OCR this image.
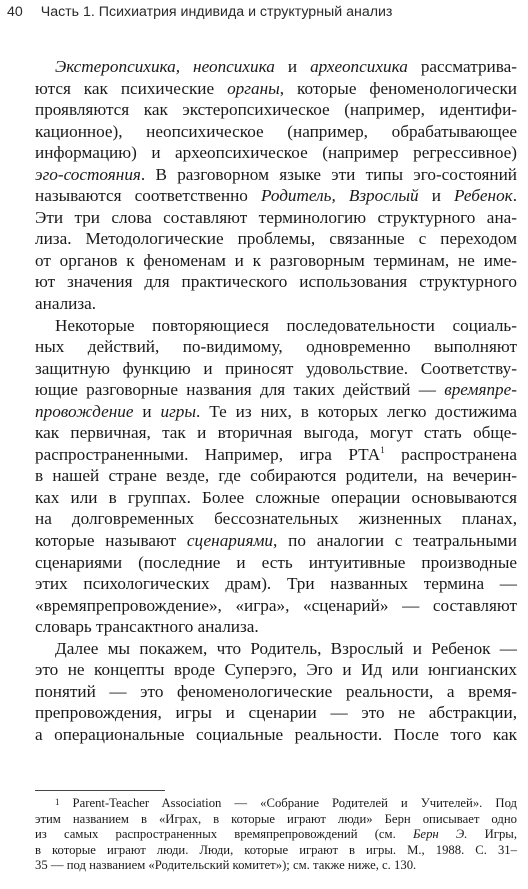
40 Часть 1. Психиатрия индивида и структурный анализ
Экстеропсихика, неопсихика и археопсихика рассматрива-
ются как психические органы, которые феноменологически
проявляются как экстеропсихическое (например, идентифи-
кационное), неопсихическое (например, обрабатывающее
информацию) и археопсихическое (например регрессивное)
эго-состояния. В разговорном языке эти типы эго-состояний
называются соответственно Родитель, Взрослый и Ребенок.
Эти три слова составляют терминологию структурного ана-
лиза. Методологические проблемы, связанные с переходом
от органов к феноменам и к разговорным терминам, не име-
ют значения для практического использования структурного
анализа.
Некоторые повторяющиеся последовательности социаль-
ных действий, по-видимому, одновременно выполняют
защитную функцию и приносят удовольствие. Соответству-
ющие разговорные названия для таких действий — времяпре-
провождение и игры. Те из них, в которых легко достижима
как первичная, так и вторичная выгода, могут стать обще-
распространенными. Например, игра РТА$^1$ распространена
в нашей стране везде, где собираются родители, на вечерин-
ках или в группах. Более сложные операции основываются
на долговременных бессознательных жизненных планах,
которые называют сценариями, по аналогии с театральными
сценариями (последние и есть интуитивные производные
этих психологических драм). Три названных термина —
«времяпрепровождение», «игра», «сценарий» — составляют
словарь трансактного анализа.
Далее мы покажем, что Родитель, Взрослый и Ребенок —
это не концепты вроде Суперэго, Эго и Ид или юнгианских
понятий — это феноменологические реальности, а время-
препровождения, игры и сценарии — это не абстракции,
а операциональные социальные реальности. После того как
$^1$ Parent-Teacher Association — «Собрание Родителей и Учителей». Под
этим названием в «Играх, в которые играют люди» Берн описывает одно
из самых распространенных времяпрепровождений (см. Берн Э. Игры,
в которые играют люди. Люди, которые играют в игры. М., 1988. С. 31–
35 — под названием «Родительский комитет»); см. также ниже, с. 130.
